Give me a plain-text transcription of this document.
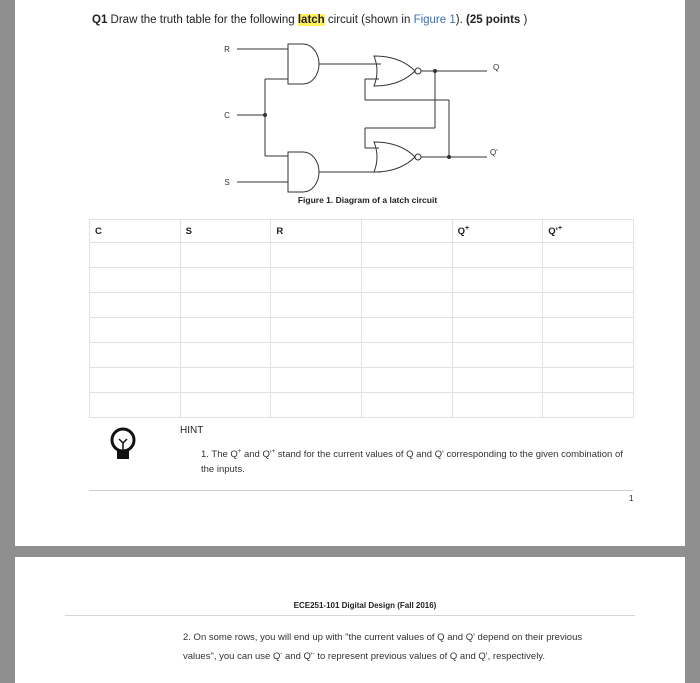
Q1 Draw the truth table for the following latch circuit (shown in Figure 1). (25 points )
R
C
S
Q
Q'
Figure 1. Diagram of a latch circuit
C	S	R		Q+	Q'+

HINT
1. The Q+ and Q'+ stand for the current values of Q and Q' corresponding to the given combination of the inputs.
1
ECE251-101 Digital Design (Fall 2016)
2. On some rows, you will end up with "the current values of Q and Q' depend on their previous values", you can use Q- and Q'- to represent previous values of Q and Q', respectively.
